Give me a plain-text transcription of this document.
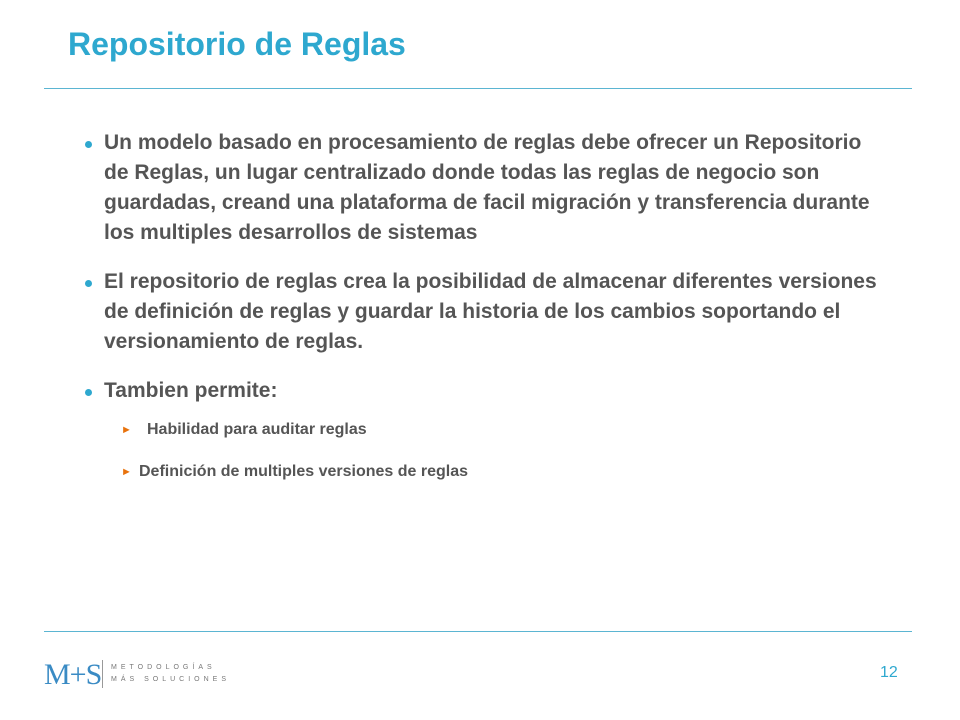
Repositorio de Reglas
Un modelo basado en procesamiento de reglas debe ofrecer un Repositorio de Reglas, un lugar centralizado donde todas las reglas de negocio son guardadas, creand una plataforma de facil migración y transferencia durante los multiples desarrollos de sistemas
El repositorio de reglas crea la posibilidad de almacenar diferentes versiones de definición de reglas y guardar la historia de los cambios soportando el versionamiento de reglas.
Tambien permite:
► Habilidad para auditar reglas
► Definición de multiples versiones de reglas
M+S METODOLOGÍAS
MÁS SOLUCIONES	12
